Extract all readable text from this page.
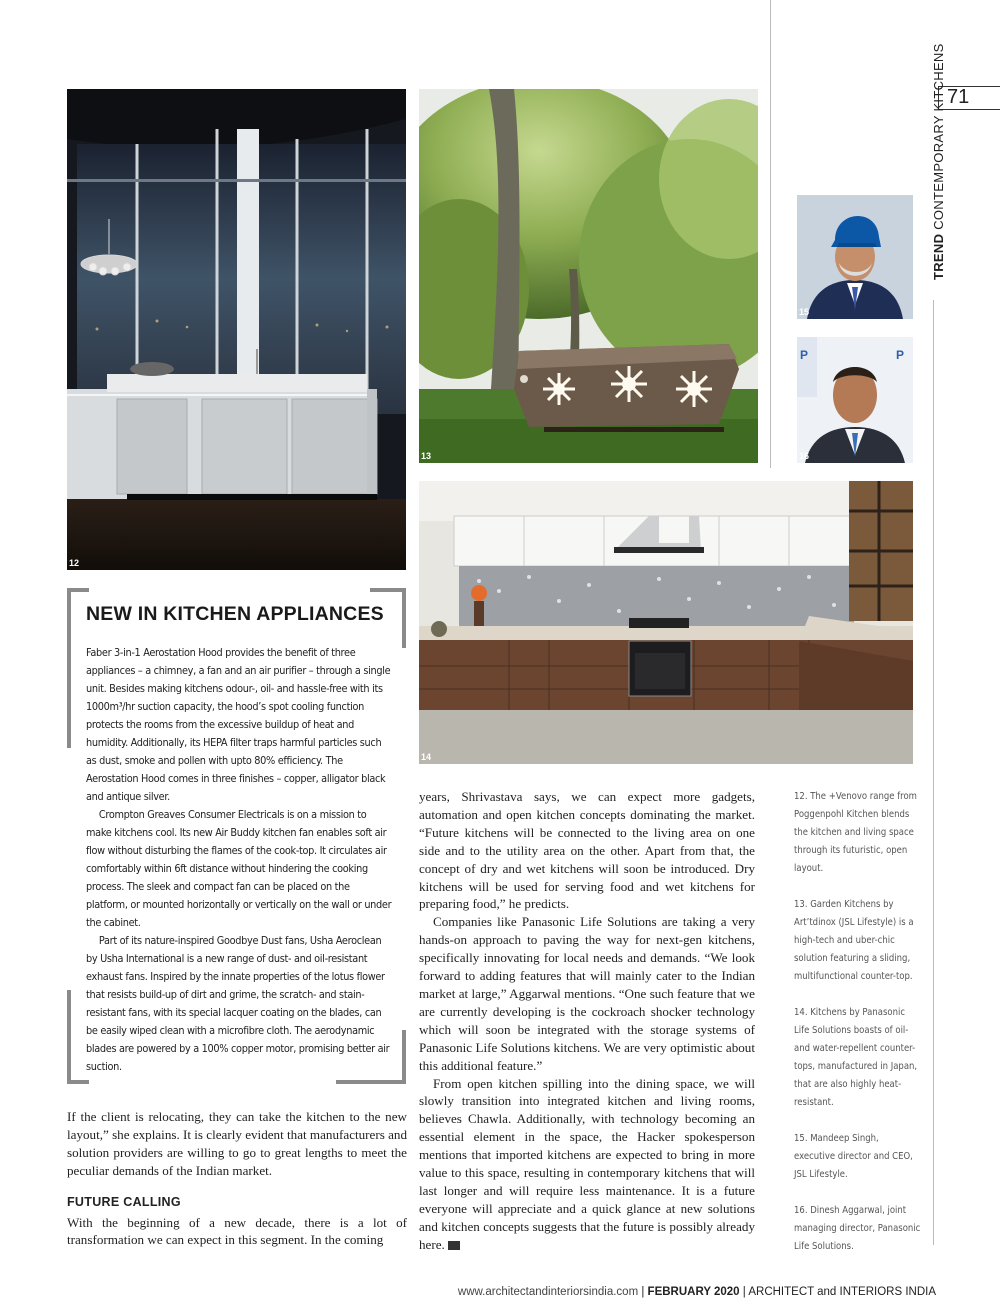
71
TREND CONTEMPORARY KITCHENS
12
13
15
P	P
16
14
NEW IN KITCHEN APPLIANCES

Faber 3-in-1 Aerostation Hood provides the benefit of three appliances – a chimney, a fan and an air purifier – through a single unit. Besides making kitchens odour-, oil- and hassle-free with its 1000m³/hr suction capacity, the hood’s spot cooling function protects the rooms from the excessive buildup of heat and humidity. Additionally, its HEPA filter traps harmful particles such as dust, smoke and pollen with upto 80% efficiency. The Aerostation Hood comes in three finishes – copper, alligator black and antique silver.

Crompton Greaves Consumer Electricals is on a mission to make kitchens cool. Its new Air Buddy kitchen fan enables soft air flow without disturbing the flames of the cook-top. It circulates air comfortably within 6ft distance without hindering the cooking process. The sleek and compact fan can be placed on the platform, or mounted horizontally or vertically on the wall or under the cabinet.

Part of its nature-inspired Goodbye Dust fans, Usha Aeroclean by Usha International is a new range of dust- and oil-resistant exhaust fans. Inspired by the innate properties of the lotus flower that resists build-up of dirt and grime, the scratch- and stain-resistant fans, with its special lacquer coating on the blades, can be easily wiped clean with a microfibre cloth. The aerodynamic blades are powered by a 100% copper motor, promising better air suction.

If the client is relocating, they can take the kitchen to the new layout,” she explains. It is clearly evident that manufacturers and solution providers are willing to go to great lengths to meet the peculiar demands of the Indian market.

FUTURE CALLING

With the beginning of a new decade, there is a lot of transformation we can expect in this segment. In the coming

years, Shrivastava says, we can expect more gadgets, automation and open kitchen concepts dominating the market. “Future kitchens will be connected to the living area on one side and to the utility area on the other. Apart from that, the concept of dry and wet kitchens will soon be introduced. Dry kitchens will be used for serving food and wet kitchens for preparing food,” he predicts.

Companies like Panasonic Life Solutions are taking a very hands-on approach to paving the way for next-gen kitchens, specifically innovating for local needs and demands. “We look forward to adding features that will mainly cater to the Indian market at large,” Aggarwal mentions. “One such feature that we are currently developing is the cockroach shocker technology which will soon be integrated with the storage systems of Panasonic Life Solutions kitchens. We are very optimistic about this additional feature.”

From open kitchen spilling into the dining space, we will slowly transition into integrated kitchen and living rooms, believes Chawla. Additionally, with technology becoming an essential element in the space, the Hacker spokesperson mentions that imported kitchens are expected to bring in more value to this space, resulting in contemporary kitchens that will last longer and will require less maintenance. It is a future everyone will appreciate and a quick glance at new solutions and kitchen concepts suggests that the future is possibly already here.

12. The +Venovo range from Poggenpohl Kitchen blends the kitchen and living space through its futuristic, open layout.

13. Garden Kitchens by Art’tdinox (JSL Lifestyle) is a high-tech and uber-chic solution featuring a sliding, multifunctional counter-top.

14. Kitchens by Panasonic Life Solutions boasts of oil- and water-repellent counter-tops, manufactured in Japan, that are also highly heat-resistant.

15. Mandeep Singh, executive director and CEO, JSL Lifestyle.

16. Dinesh Aggarwal, joint managing director, Panasonic Life Solutions.

www.architectandinteriorsindia.com | FEBRUARY 2020 | ARCHITECT and INTERIORS INDIA
